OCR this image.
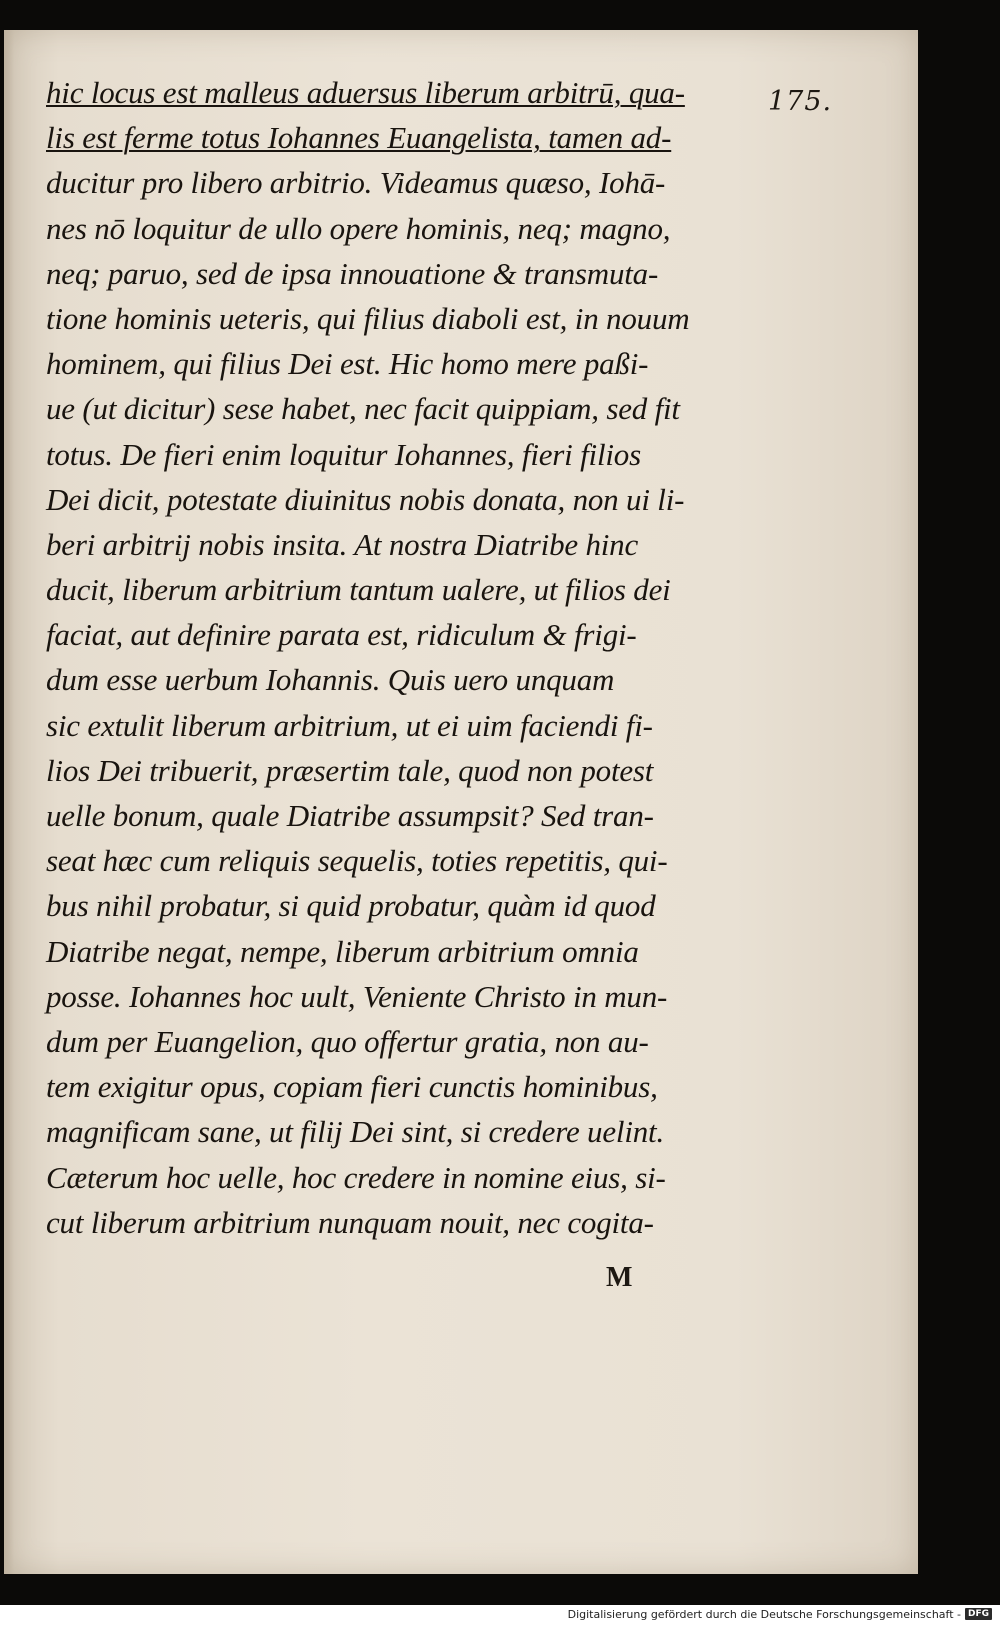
175.
hic locus est malleus aduersus liberum arbitrū, qua-
lis est ferme totus Iohannes Euangelista, tamen ad-
ducitur pro libero arbitrio. Videamus quæso, Iohā-
nes nō loquitur de ullo opere hominis, neq; magno,
neq; paruo, sed de ipsa innouatione & transmuta-
tione hominis ueteris, qui filius diaboli est, in nouum
hominem, qui filius Dei est. Hic homo mere paßi-
ue (ut dicitur) sese habet, nec facit quippiam, sed fit
totus. De fieri enim loquitur Iohannes, fieri filios
Dei dicit, potestate diuinitus nobis donata, non ui li-
beri arbitrij nobis insita. At nostra Diatribe hinc
ducit, liberum arbitrium tantum ualere, ut filios dei
faciat, aut definire parata est, ridiculum & frigi-
dum esse uerbum Iohannis. Quis uero unquam
sic extulit liberum arbitrium, ut ei uim faciendi fi-
lios Dei tribuerit, præsertim tale, quod non potest
uelle bonum, quale Diatribe assumpsit? Sed tran-
seat hæc cum reliquis sequelis, toties repetitis, qui-
bus nihil probatur, si quid probatur, quàm id quod
Diatribe negat, nempe, liberum arbitrium omnia
posse. Iohannes hoc uult, Veniente Christo in mun-
dum per Euangelion, quo offertur gratia, non au-
tem exigitur opus, copiam fieri cunctis hominibus,
magnificam sane, ut filij Dei sint, si credere uelint.
Cæterum hoc uelle, hoc credere in nomine eius, si-
cut liberum arbitrium nunquam nouit, nec cogita-
M
Digitalisierung gefördert durch die Deutsche Forschungsgemeinschaft - DFG
